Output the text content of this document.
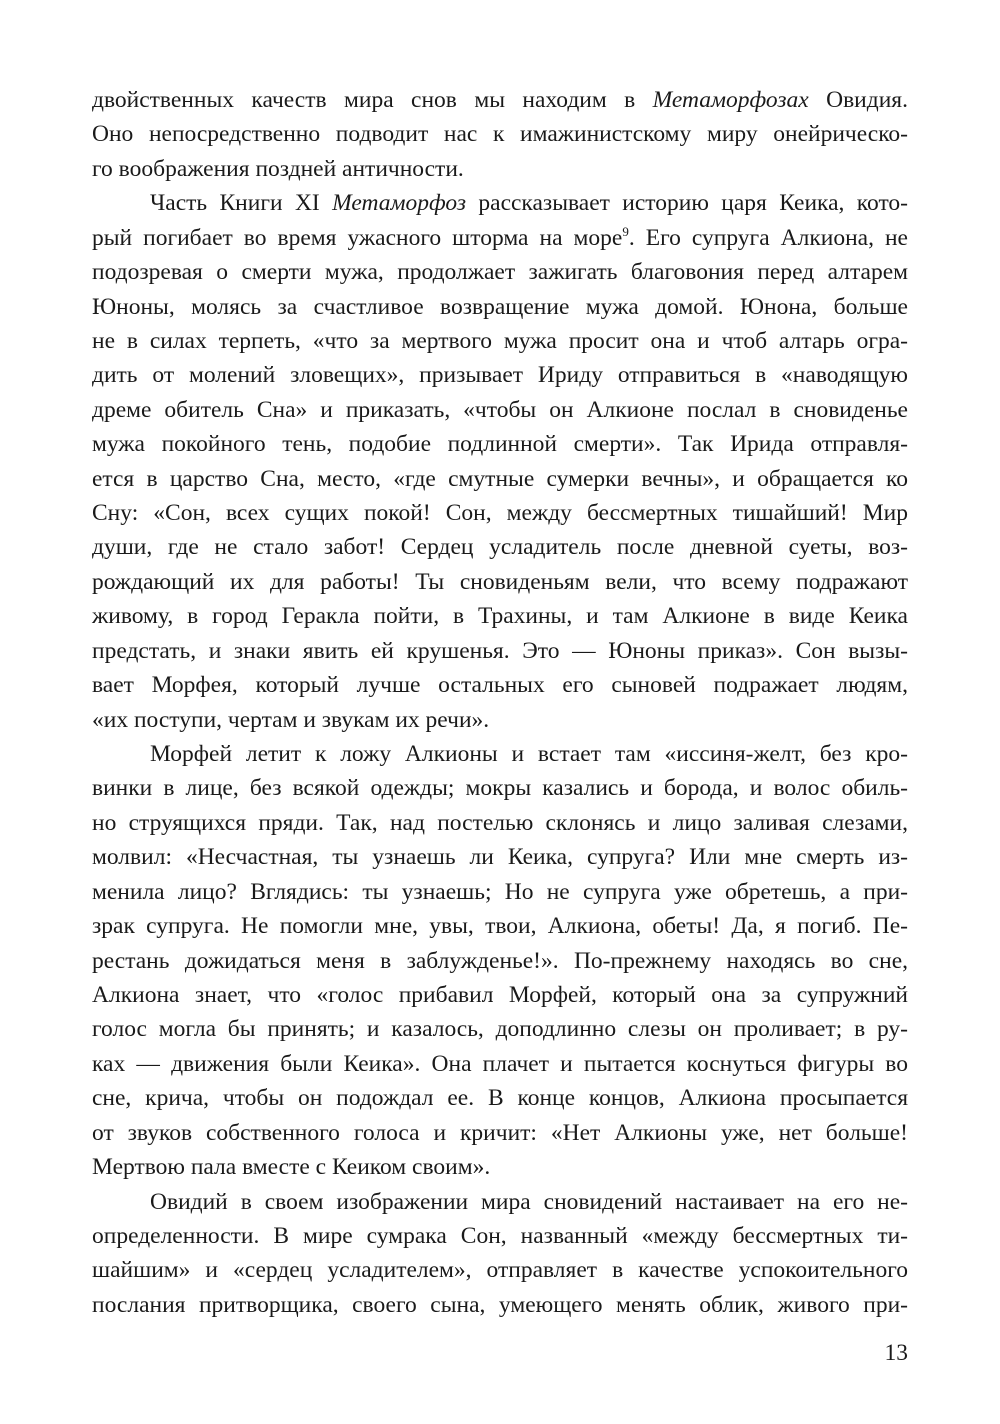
двойственных качеств мира снов мы находим в Метаморфозах Овидия.
Оно непосредственно подводит нас к имажинистскому миру онейрическо-
го воображения поздней античности.
Часть Книги XI Метаморфоз рассказывает историю царя Кеика, кото-
рый погибает во время ужасного шторма на море$^9$. Его супруга Алкиона, не
подозревая о смерти мужа, продолжает зажигать благовония перед алтарем
Юноны, молясь за счастливое возвращение мужа домой. Юнона, больше
не в силах терпеть, «что за мертвого мужа просит она и чтоб алтарь огра-
дить от молений зловещих», призывает Ириду отправиться в «наводящую
дреме обитель Сна» и приказать, «чтобы он Алкионе послал в сновиденье
мужа покойного тень, подобие подлинной смерти». Так Ирида отправля-
ется в царство Сна, место, «где смутные сумерки вечны», и обращается ко
Сну: «Сон, всех сущих покой! Сон, между бессмертных тишайший! Мир
души, где не стало забот! Сердец усладитель после дневной суеты, воз-
рождающий их для работы! Ты сновиденьям вели, что всему подражают
живому, в город Геракла пойти, в Трахины, и там Алкионе в виде Кеика
предстать, и знаки явить ей крушенья. Это — Юноны приказ». Сон вызы-
вает Морфея, который лучше остальных его сыновей подражает людям,
«их поступи, чертам и звукам их речи».
Морфей летит к ложу Алкионы и встает там «иссиня-желт, без кро-
винки в лице, без всякой одежды; мокры казались и борода, и волос обиль-
но струящихся пряди. Так, над постелью склонясь и лицо заливая слезами,
молвил: «Несчастная, ты узнаешь ли Кеика, супруга? Или мне смерть из-
менила лицо? Вглядись: ты узнаешь; Но не супруга уже обретешь, а при-
зрак супруга. Не помогли мне, увы, твои, Алкиона, обеты! Да, я погиб. Пе-
рестань дожидаться меня в заблужденье!». По-прежнему находясь во сне,
Алкиона знает, что «голос прибавил Морфей, который она за супружний
голос могла бы принять; и казалось, доподлинно слезы он проливает; в ру-
ках — движения были Кеика». Она плачет и пытается коснуться фигуры во
сне, крича, чтобы он подождал ее. В конце концов, Алкиона просыпается
от звуков собственного голоса и кричит: «Нет Алкионы уже, нет больше!
Мертвою пала вместе с Кеиком своим».
Овидий в своем изображении мира сновидений настаивает на его не-
определенности. В мире сумрака Сон, названный «между бессмертных ти-
шайшим» и «сердец усладителем», отправляет в качестве успокоительного
послания притворщика, своего сына, умеющего менять облик, живого при-
13
